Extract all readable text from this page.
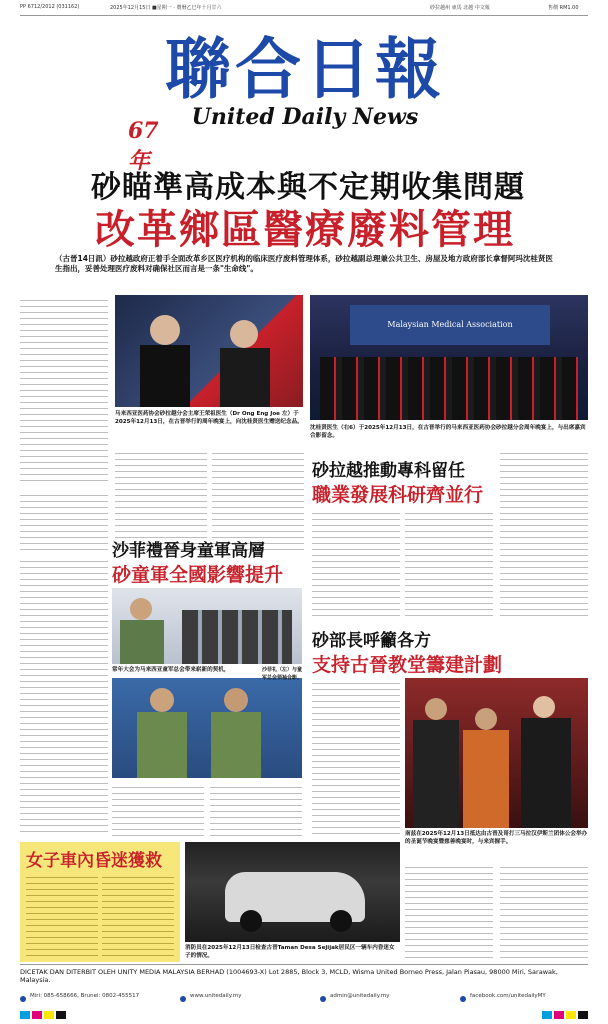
PP 6712/2012 (031162)	2025年12月15日 ■星期一 · 農曆乙巳年十月廿六	砂拉越州 東馬 北越 中文報	售價 RM1.00
聯合日報
67年
United Daily News
砂瞄準高成本與不定期收集問題
改革鄉區醫療廢料管理
（古晉14日訊）砂拉越政府正着手全面改革乡区医疗机构的临床医疗废料管理体系，砂拉越副总理兼公共卫生、房屋及地方政府部长拿督阿玛沈桂贤医生指出，妥善处理医疗废料对确保社区而言是一条"生命线"。
马来西亚医药协会砂拉越分会主席王荣祖医生（Dr Ong Eng Joe 左）于2025年12月13日，在古晋举行的周年晚宴上，向沈桂贤医生赠送纪念品。
Malaysian Medical Association
沈桂贤医生（右6）于2025年12月13日，在古晋举行的马来西亚医药协会砂拉越分会周年晚宴上，与出席嘉宾合影留念。
砂拉越推動專科留任
職業發展科研齊並行
沙菲禮晉身童軍高層
砂童軍全國影響提升
常年大会为马来西亚童军总会带来崭新的契机，	沙菲礼（左）与童军总会领袖合影。
砂部長呼籲各方
支持古晉教堂籌建計劃
南兹在2025年12月13日抵达由古晋及哥打三马拉汉伊斯兰团体公会举办的圣诞节晚宴暨慈善晚宴时，与来宾握手。
女子車內昏迷獲救
消防员在2025年12月13日检查古晋Taman Desa Sejijak居民区一辆车内昏迷女子的情况。
DICETAK DAN DITERBIT OLEH UNITY MEDIA MALAYSIA BERHAD (1004693-X) Lot 2885, Block 3, MCLD, Wisma United Borneo Press, Jalan Piasau, 98000 Miri, Sarawak, Malaysia.
Miri: 085-658666, Brunei: 0802-455517	www.unitedaily.my	admin@unitedaily.my	facebook.com/unitedailyMY
